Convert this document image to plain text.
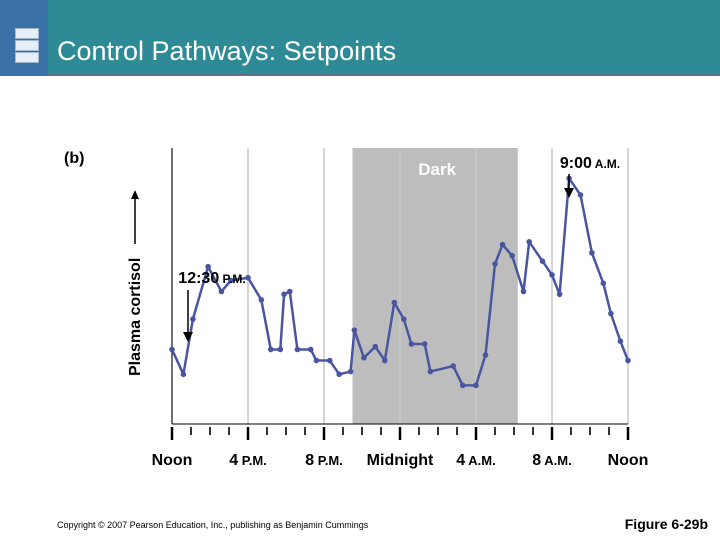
Control Pathways: Setpoints
(b)
Plasma cortisol
Dark
Noon 4 P.M. 8 P.M. Midnight 4 A.M. 8 A.M. Noon
12:30 P.M.
9:00 A.M.
Copyright © 2007 Pearson Education, Inc., publishing as Benjamin Cummings	Figure 6-29b
